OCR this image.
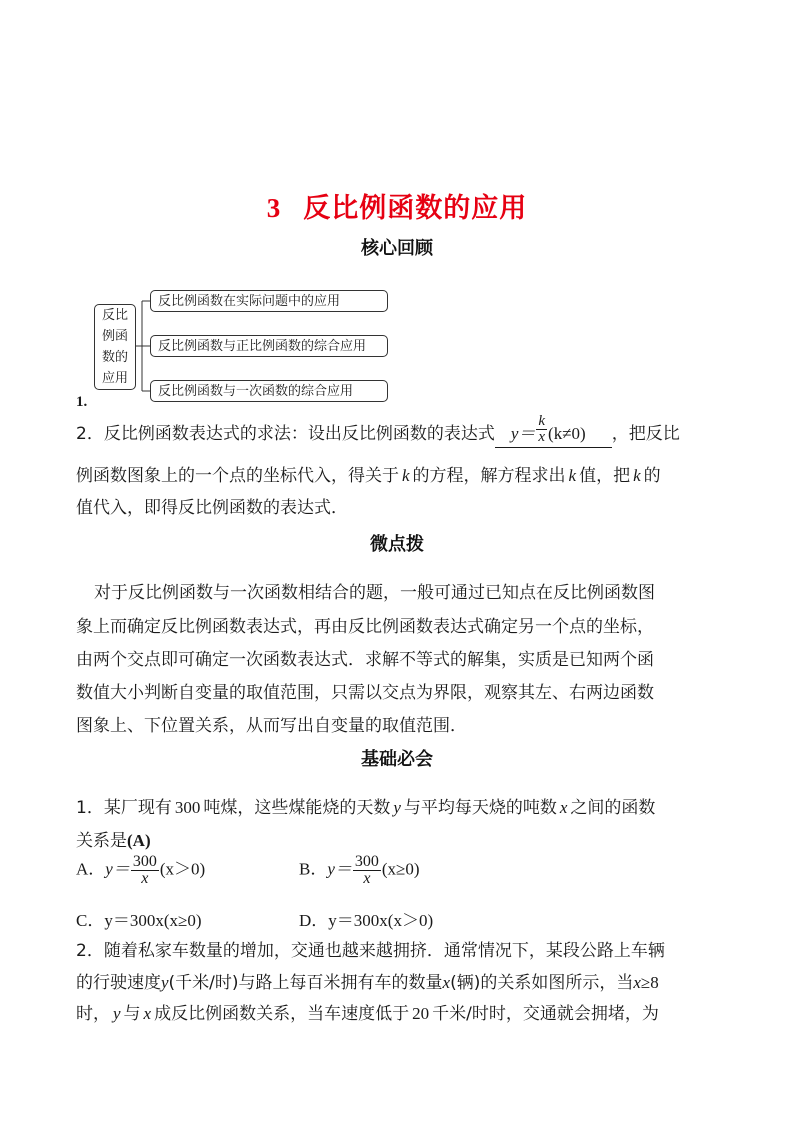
3 反比例函数的应用
核心回顾
反比
例函
数的
应用
反比例函数在实际问题中的应用
反比例函数与正比例函数的综合应用
反比例函数与一次函数的综合应用
1.
2．反比例函数表达式的求法：设出反比例函数的表达式 $y= \frac{k}{x} (k\ne 0)$ ，把反比
例函数图象上的一个点的坐标代入，得关于 k 的方程，解方程求出 k 值，把 k 的
值代入，即得反比例函数的表达式．
微点拨
对于反比例函数与一次函数相结合的题，一般可通过已知点在反比例函数图
象上而确定反比例函数表达式，再由反比例函数表达式确定另一个点的坐标，
由两个交点即可确定一次函数表达式．求解不等式的解集，实质是已知两个函
数值大小判断自变量的取值范围，只需以交点为界限，观察其左、右两边函数
图象上、下位置关系，从而写出自变量的取值范围．
基础必会
1．某厂现有 300 吨煤，这些煤能烧的天数 y 与平均每天烧的吨数 x 之间的函数
关系是(A)
A．$y= \frac{300}{x} (x>0)$	B．$y= \frac{300}{x} (x\ge 0)$
C．y＝300x(x≥0)	D．y＝300x(x＞0)
2．随着私家车数量的增加，交通也越来越拥挤．通常情况下，某段公路上车辆
的行驶速度y(千米/时)与路上每百米拥有车的数量x(辆)的关系如图所示，当x≥8
时， y 与 x 成反比例函数关系，当车速度低于 20 千米/时时，交通就会拥堵，为
